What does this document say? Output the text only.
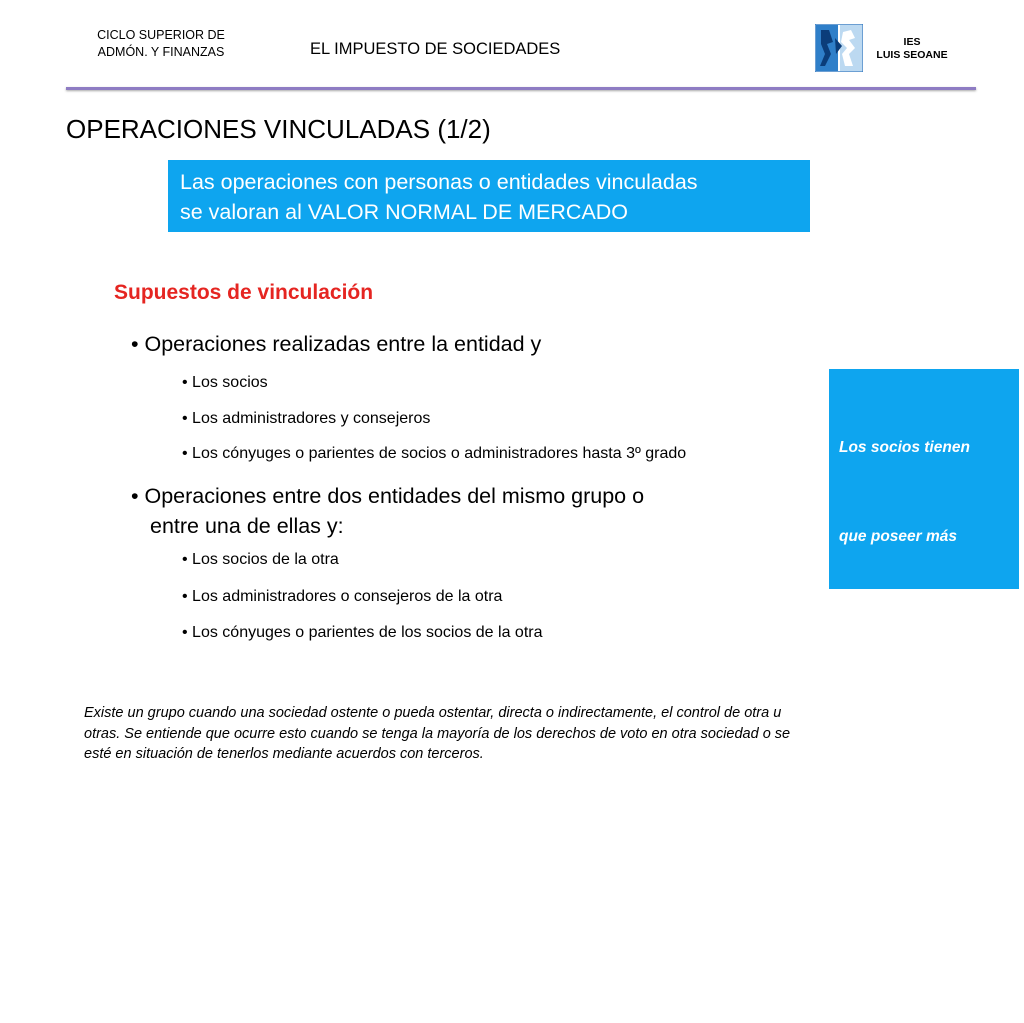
CICLO SUPERIOR DE
ADMÓN. Y FINANZAS	EL IMPUESTO DE SOCIEDADES	IES
LUIS SEOANE
OPERACIONES VINCULADAS (1/2)
Las operaciones con personas o entidades vinculadas
se valoran al VALOR NORMAL DE MERCADO
Supuestos de vinculación
• Operaciones realizadas entre la entidad y
• Los socios
• Los administradores y consejeros
• Los cónyuges o parientes de socios o administradores hasta 3º grado
• Operaciones entre dos entidades del mismo grupo o
entre una de ellas y:
• Los socios de la otra
• Los administradores o consejeros de la otra
• Los cónyuges o parientes de los socios de la otra

Los socios tienen

que poseer más

del 5% del capital

si la sociedad

no cotiza en Bolsa

o más del 1% si

cotiza en Bolsa

Existe un grupo cuando una sociedad ostente o pueda ostentar, directa o indirectamente, el control de otra u
otras. Se entiende que ocurre esto cuando se tenga la mayoría de los derechos de voto en otra sociedad o se
esté en situación de tenerlos mediante acuerdos con terceros.
